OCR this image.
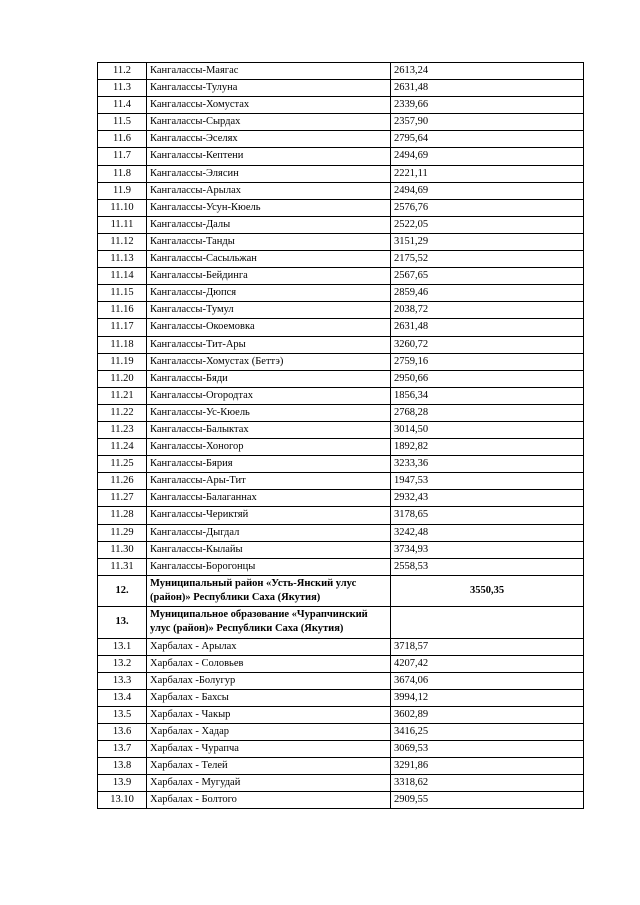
11.2	Кангалассы-Маягас	2613,24
11.3	Кангалассы-Тулуна	2631,48
11.4	Кангалассы-Хомустах	2339,66
11.5	Кангалассы-Сырдах	2357,90
11.6	Кангалассы-Эселях	2795,64
11.7	Кангалассы-Кептени	2494,69
11.8	Кангалассы-Элясин	2221,11
11.9	Кангалассы-Арылах	2494,69
11.10	Кангалассы-Усун-Кюель	2576,76
11.11	Кангалассы-Далы	2522,05
11.12	Кангалассы-Танды	3151,29
11.13	Кангалассы-Сасыльжан	2175,52
11.14	Кангалассы-Бейдинга	2567,65
11.15	Кангалассы-Дюпся	2859,46
11.16	Кангалассы-Тумул	2038,72
11.17	Кангалассы-Окоемовка	2631,48
11.18	Кангалассы-Тит-Ары	3260,72
11.19	Кангалассы-Хомустах (Беттэ)	2759,16
11.20	Кангалассы-Бяди	2950,66
11.21	Кангалассы-Огородтах	1856,34
11.22	Кангалассы-Ус-Кюель	2768,28
11.23	Кангалассы-Балыктах	3014,50
11.24	Кангалассы-Хоногор	1892,82
11.25	Кангалассы-Бярия	3233,36
11.26	Кангалассы-Ары-Тит	1947,53
11.27	Кангалассы-Балаганнах	2932,43
11.28	Кангалассы-Чериктяй	3178,65
11.29	Кангалассы-Дыгдал	3242,48
11.30	Кангалассы-Кылайы	3734,93
11.31	Кангалассы-Борогонцы	2558,53
12.	Муниципальный район «Усть-Янский улус (район)» Республики Саха (Якутия)	3550,35
13.	Муниципальное образование «Чурапчинский улус (район)» Республики Саха (Якутия)	
13.1	Харбалах - Арылах	3718,57
13.2	Харбалах - Соловьев	4207,42
13.3	Харбалах -Болугур	3674,06
13.4	Харбалах - Бахсы	3994,12
13.5	Харбалах - Чакыр	3602,89
13.6	Харбалах - Хадар	3416,25
13.7	Харбалах - Чурапча	3069,53
13.8	Харбалах - Телей	3291,86
13.9	Харбалах - Мугудай	3318,62
13.10	Харбалах - Болтого	2909,55
